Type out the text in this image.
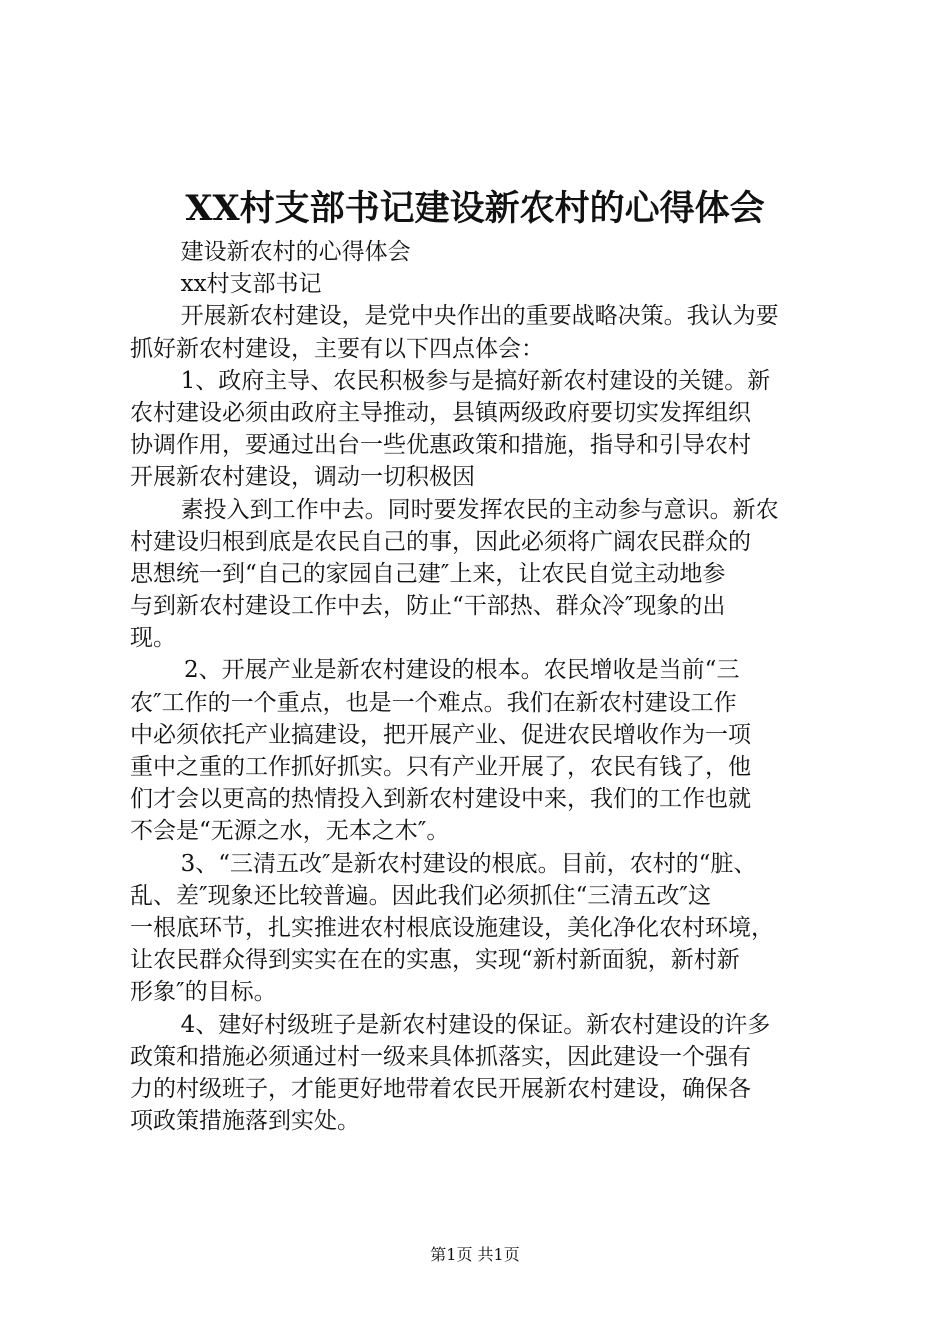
XX村支部书记建设新农村的心得体会
建设新农村的心得体会
xx村支部书记
开展新农村建设，是党中央作出的重要战略决策。我认为要
抓好新农村建设，主要有以下四点体会：
1、政府主导、农民积极参与是搞好新农村建设的关键。新
农村建设必须由政府主导推动，县镇两级政府要切实发挥组织
协调作用，要通过出台一些优惠政策和措施，指导和引导农村
开展新农村建设，调动一切积极因
素投入到工作中去。同时要发挥农民的主动参与意识。新农
村建设归根到底是农民自己的事，因此必须将广阔农民群众的
思想统一到“自己的家园自己建″上来，让农民自觉主动地参
与到新农村建设工作中去，防止“干部热、群众冷″现象的出
现。
2、开展产业是新农村建设的根本。农民增收是当前“三
农″工作的一个重点，也是一个难点。我们在新农村建设工作
中必须依托产业搞建设，把开展产业、促进农民增收作为一项
重中之重的工作抓好抓实。只有产业开展了，农民有钱了，他
们才会以更高的热情投入到新农村建设中来，我们的工作也就
不会是“无源之水，无本之木″。
3、“三清五改″是新农村建设的根底。目前，农村的“脏、
乱、差″现象还比较普遍。因此我们必须抓住“三清五改″这
一根底环节，扎实推进农村根底设施建设，美化净化农村环境，
让农民群众得到实实在在的实惠，实现“新村新面貌，新村新
形象″的目标。
4、建好村级班子是新农村建设的保证。新农村建设的许多
政策和措施必须通过村一级来具体抓落实，因此建设一个强有
力的村级班子，才能更好地带着农民开展新农村建设，确保各
项政策措施落到实处。
第1页 共1页
